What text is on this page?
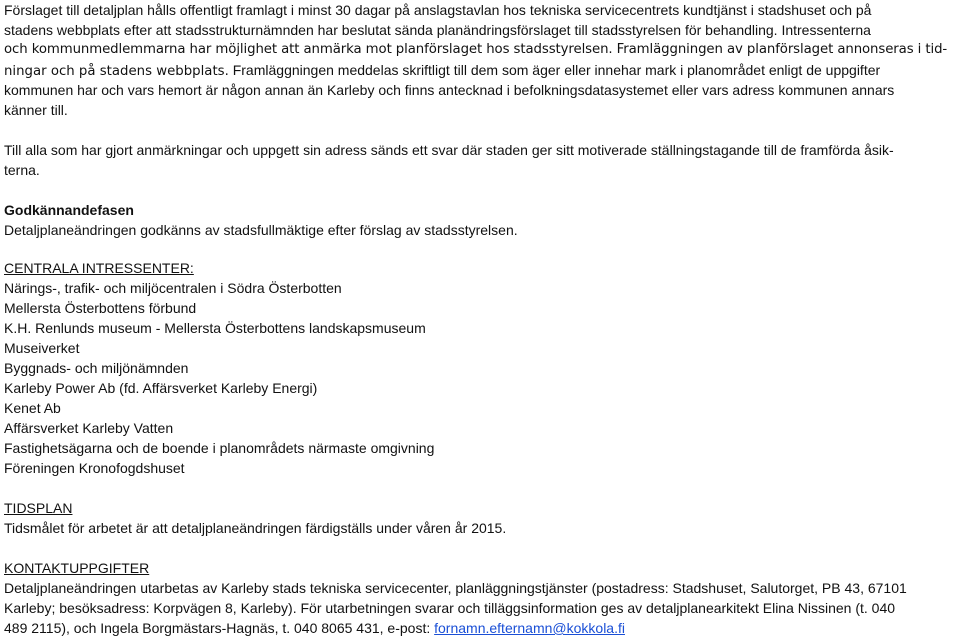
Förslaget till detaljplan hålls offentligt framlagt i minst 30 dagar på anslagstavlan hos tekniska servicecentrets kundtjänst i stadshuset och på
stadens webbplats efter att stadsstrukturnämnden har beslutat sända planändringsförslaget till stadsstyrelsen för behandling. Intressenterna
och kommunmedlemmarna har möjlighet att anmärka mot planförslaget hos stadsstyrelsen. Framläggningen av planförslaget annonseras i tid-
ningar och på stadens webbplats. Framläggningen meddelas skriftligt till dem som äger eller innehar mark i planområdet enligt de uppgifter
kommunen har och vars hemort är någon annan än Karleby och finns antecknad i befolkningsdatasystemet eller vars adress kommunen annars
känner till.
Till alla som har gjort anmärkningar och uppgett sin adress sänds ett svar där staden ger sitt motiverade ställningstagande till de framförda åsik-
terna.
Godkännandefasen
Detaljplaneändringen godkänns av stadsfullmäktige efter förslag av stadsstyrelsen.
CENTRALA INTRESSENTER:
Närings-, trafik- och miljöcentralen i Södra Österbotten
Mellersta Österbottens förbund
K.H. Renlunds museum - Mellersta Österbottens landskapsmuseum
Museiverket
Byggnads- och miljönämnden
Karleby Power Ab (fd. Affärsverket Karleby Energi)
Kenet Ab
Affärsverket Karleby Vatten
Fastighetsägarna och de boende i planområdets närmaste omgivning
Föreningen Kronofogdshuset
TIDSPLAN
Tidsmålet för arbetet är att detaljplaneändringen färdigställs under våren år 2015.
KONTAKTUPPGIFTER
Detaljplaneändringen utarbetas av Karleby stads tekniska servicecenter, planläggningstjänster (postadress: Stadshuset, Salutorget, PB 43, 67101
Karleby; besöksadress: Korpvägen 8, Karleby). För utarbetningen svarar och tilläggsinformation ges av detaljplanearkitekt Elina Nissinen (t. 040
489 2115), och Ingela Borgmästars-Hagnäs, t. 040 8065 431, e-post: fornamn.efternamn@kokkola.fi
